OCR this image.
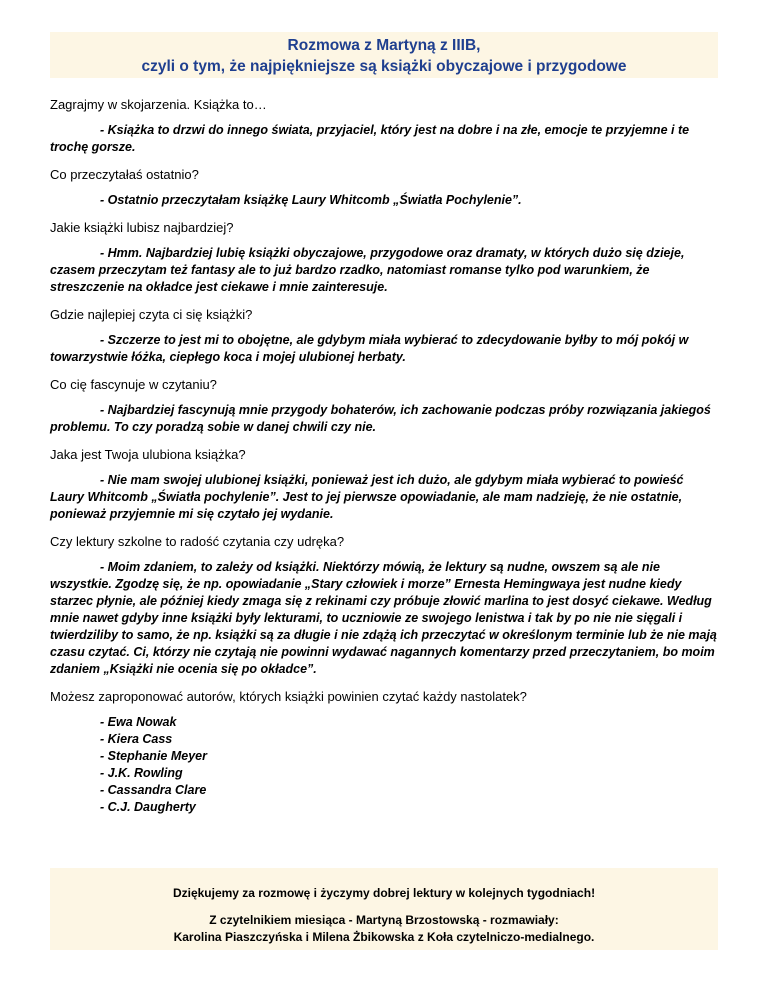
Rozmowa z Martyną z IIIB,
czyli o tym, że najpiękniejsze są książki obyczajowe i przygodowe

Zagrajmy w skojarzenia. Książka to…

- Książka to drzwi do innego świata, przyjaciel, który jest na dobre i na złe, emocje te przyjemne i te trochę gorsze.

Co przeczytałaś ostatnio?

- Ostatnio przeczytałam książkę Laury Whitcomb „Światła Pochylenie”.

Jakie książki lubisz najbardziej?

- Hmm. Najbardziej lubię książki obyczajowe, przygodowe oraz dramaty, w których dużo się dzieje, czasem przeczytam też fantasy ale to już bardzo rzadko, natomiast romanse tylko pod warunkiem, że streszczenie na okładce jest ciekawe i mnie zainteresuje.

Gdzie najlepiej czyta ci się książki?

- Szczerze to jest mi to obojętne, ale gdybym miała wybierać to zdecydowanie byłby to mój pokój w towarzystwie łóżka, ciepłego koca i mojej ulubionej herbaty.

Co cię fascynuje w czytaniu?

- Najbardziej fascynują mnie przygody bohaterów, ich zachowanie podczas próby rozwiązania jakiegoś problemu. To czy poradzą sobie w danej chwili czy nie.

Jaka jest Twoja ulubiona książka?

- Nie mam swojej ulubionej książki, ponieważ jest ich dużo, ale gdybym miała wybierać to powieść Laury Whitcomb „Światła pochylenie”. Jest to jej pierwsze opowiadanie, ale mam nadzieję, że nie ostatnie, ponieważ przyjemnie mi się czytało jej wydanie.

Czy lektury szkolne to radość czytania czy udręka?

- Moim zdaniem, to zależy od książki. Niektórzy mówią, że lektury są nudne, owszem są ale nie wszystkie. Zgodzę się, że np. opowiadanie „Stary człowiek i morze” Ernesta Hemingwaya jest nudne kiedy starzec płynie, ale później kiedy zmaga się z rekinami czy próbuje złowić marlina to jest dosyć ciekawe. Według mnie nawet gdyby inne książki były lekturami, to uczniowie ze swojego lenistwa i tak by po nie nie sięgali i twierdziliby to samo, że np. książki są za długie i nie zdążą ich przeczytać w określonym terminie lub że nie mają czasu czytać. Ci, którzy nie czytają nie powinni wydawać nagannych komentarzy przed przeczytaniem, bo moim zdaniem „Książki nie ocenia się po okładce”.

Możesz zaproponować autorów, których książki powinien czytać każdy nastolatek?

- Ewa Nowak
- Kiera Cass
- Stephanie Meyer
- J.K. Rowling
- Cassandra Clare
- C.J. Daugherty
Dziękujemy za rozmowę i życzymy dobrej lektury w kolejnych tygodniach!
Z czytelnikiem miesiąca - Martyną Brzostowską - rozmawiały:
Karolina Piaszczyńska i Milena Żbikowska z Koła czytelniczo-medialnego.
